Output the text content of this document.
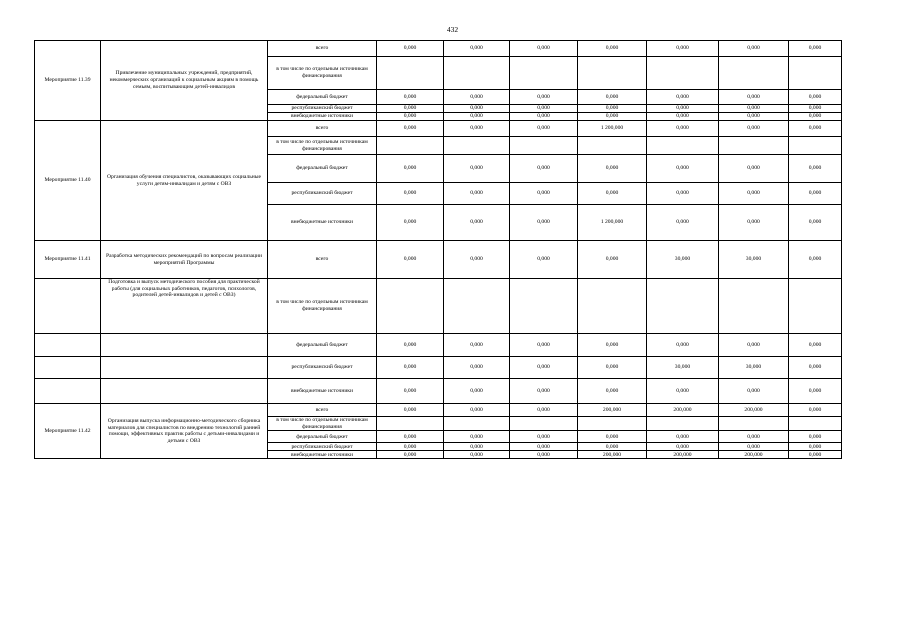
432
Мероприятие 11.39	Привлечение муниципальных учреждений, предприятий, некоммерческих организаций к социальным акциям в помощь семьям, воспитывающим детей-инвалидов	всего	0,000	0,000	0,000	0,000	0,000	0,000	0,000
		в том числе по отдельным источникам финансирования							
		федеральный бюджет	0,000	0,000	0,000	0,000	0,000	0,000	0,000
		республиканский бюджет	0,000	0,000	0,000	0,000	0,000	0,000	0,000
		внебюджетные источники	0,000	0,000	0,000	0,000	0,000	0,000	0,000
Мероприятие 11.40	Организация обучения специалистов, оказывающих социальные услуги детям-инвалидам и детям с ОВЗ	всего	0,000	0,000	0,000	1 200,000	0,000	0,000	0,000
		в том числе по отдельным источникам финансирования							
		федеральный бюджет	0,000	0,000	0,000	0,000	0,000	0,000	0,000
		республиканский бюджет	0,000	0,000	0,000	0,000	0,000	0,000	0,000
		внебюджетные источники	0,000	0,000	0,000	1 200,000	0,000	0,000	0,000
Мероприятие 11.41	Разработка методических рекомендаций по вопросам реализации мероприятий Программы	всего	0,000	0,000	0,000	0,000	30,000	30,000	0,000
	Подготовка и выпуск методического пособия для практической работы (для социальных работников, педагогов, психологов, родителей детей-инвалидов и детей с ОВЗ)	в том числе по отдельным источникам финансирования							
		федеральный бюджет	0,000	0,000	0,000	0,000	0,000	0,000	0,000
		республиканский бюджет	0,000	0,000	0,000	0,000	30,000	30,000	0,000
		внебюджетные источники	0,000	0,000	0,000	0,000	0,000	0,000	0,000
Мероприятие 11.42	Организация выпуска информационно-методического сборника материалов для специалистов по внедрению технологий ранней помощи, эффективных практик работы с детьми-инвалидами и детьми с ОВЗ	всего	0,000	0,000	0,000	200,000	200,000	200,000	0,000
		в том числе по отдельным источникам финансирования							
		федеральный бюджет	0,000	0,000	0,000	0,000	0,000	0,000	0,000
		республиканский бюджет	0,000	0,000	0,000	0,000	0,000	0,000	0,000
		внебюджетные источники	0,000	0,000	0,000	200,000	200,000	200,000	0,000
